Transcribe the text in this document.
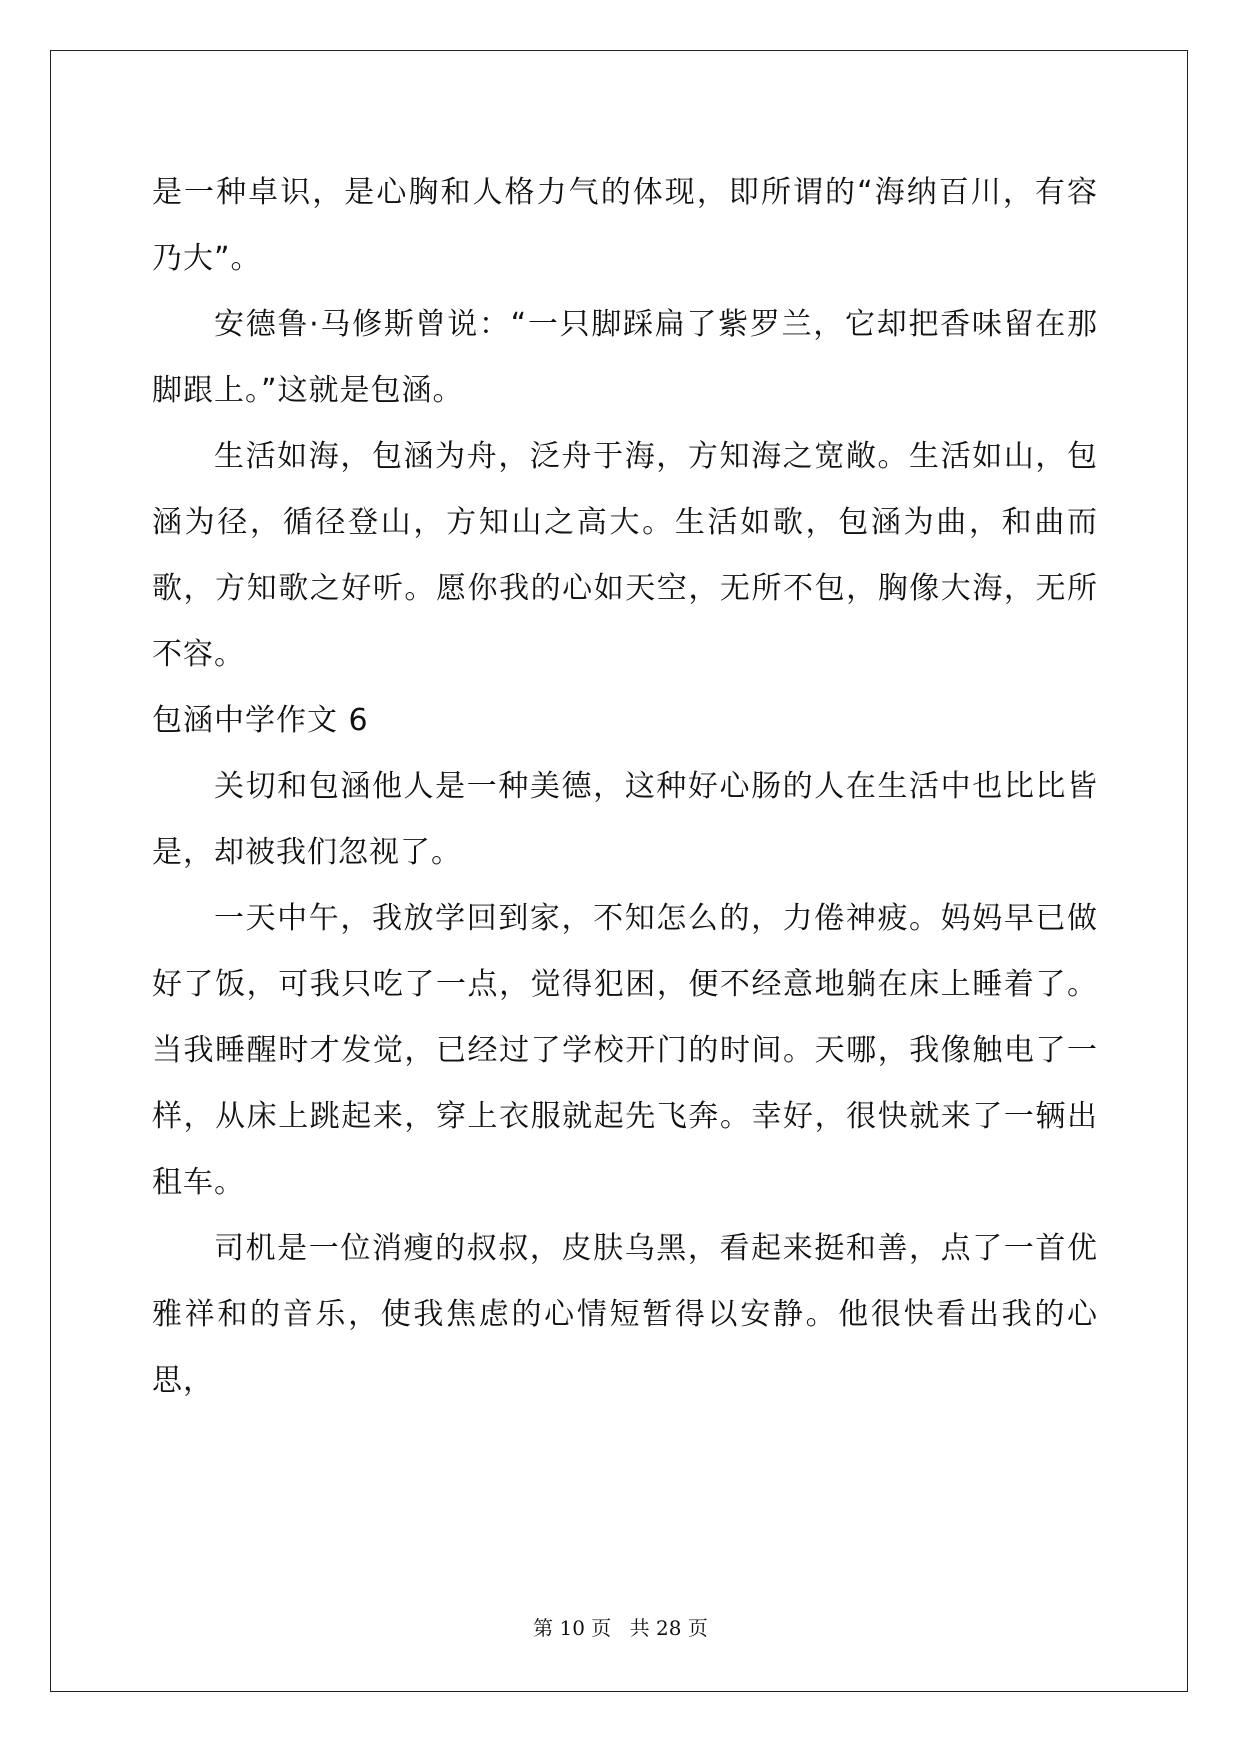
是一种卓识，是心胸和人格力气的体现，即所谓的“海纳百川，有容乃大”。

安德鲁·马修斯曾说：“一只脚踩扁了紫罗兰，它却把香味留在那脚跟上。”这就是包涵。

生活如海，包涵为舟，泛舟于海，方知海之宽敞。生活如山，包涵为径，循径登山，方知山之高大。生活如歌，包涵为曲，和曲而歌，方知歌之好听。愿你我的心如天空，无所不包，胸像大海，无所不容。

包涵中学作文 6

关切和包涵他人是一种美德，这种好心肠的人在生活中也比比皆是，却被我们忽视了。

一天中午，我放学回到家，不知怎么的，力倦神疲。妈妈早已做好了饭，可我只吃了一点，觉得犯困，便不经意地躺在床上睡着了。当我睡醒时才发觉，已经过了学校开门的时间。天哪，我像触电了一样，从床上跳起来，穿上衣服就起先飞奔。幸好，很快就来了一辆出租车。

司机是一位消瘦的叔叔，皮肤乌黑，看起来挺和善，点了一首优雅祥和的音乐，使我焦虑的心情短暂得以安静。他很快看出我的心思，

第 10 页 共 28 页
